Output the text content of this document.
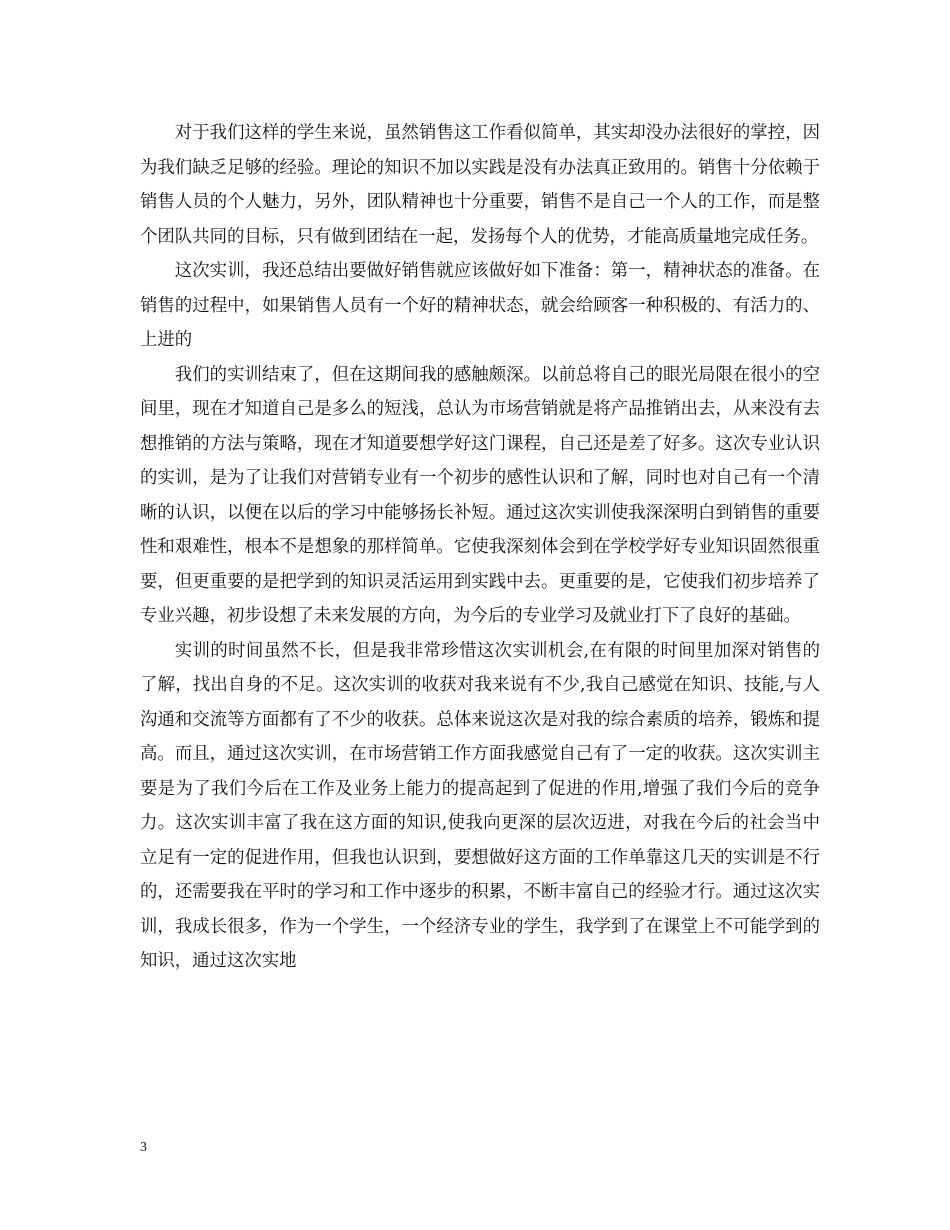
对于我们这样的学生来说，虽然销售这工作看似简单，其实却没办法很好的掌控，因为我们缺乏足够的经验。理论的知识不加以实践是没有办法真正致用的。销售十分依赖于销售人员的个人魅力，另外，团队精神也十分重要，销售不是自己一个人的工作，而是整个团队共同的目标，只有做到团结在一起，发扬每个人的优势，才能高质量地完成任务。

这次实训，我还总结出要做好销售就应该做好如下准备：第一，精神状态的准备。在销售的过程中，如果销售人员有一个好的精神状态，就会给顾客一种积极的、有活力的、上进的

我们的实训结束了，但在这期间我的感触颇深。以前总将自己的眼光局限在很小的空间里，现在才知道自己是多么的短浅，总认为市场营销就是将产品推销出去，从来没有去想推销的方法与策略，现在才知道要想学好这门课程，自己还是差了好多。这次专业认识的实训，是为了让我们对营销专业有一个初步的感性认识和了解，同时也对自己有一个清晰的认识，以便在以后的学习中能够扬长补短。通过这次实训使我深深明白到销售的重要性和艰难性，根本不是想象的那样简单。它使我深刻体会到在学校学好专业知识固然很重要，但更重要的是把学到的知识灵活运用到实践中去。更重要的是，它使我们初步培养了专业兴趣，初步设想了未来发展的方向，为今后的专业学习及就业打下了良好的基础。

实训的时间虽然不长，但是我非常珍惜这次实训机会,在有限的时间里加深对销售的了解，找出自身的不足。这次实训的收获对我来说有不少,我自己感觉在知识、技能,与人沟通和交流等方面都有了不少的收获。总体来说这次是对我的综合素质的培养，锻炼和提高。而且，通过这次实训，在市场营销工作方面我感觉自己有了一定的收获。这次实训主要是为了我们今后在工作及业务上能力的提高起到了促进的作用,增强了我们今后的竞争力。这次实训丰富了我在这方面的知识,使我向更深的层次迈进，对我在今后的社会当中立足有一定的促进作用，但我也认识到，要想做好这方面的工作单靠这几天的实训是不行的，还需要我在平时的学习和工作中逐步的积累，不断丰富自己的经验才行。通过这次实训，我成长很多，作为一个学生，一个经济专业的学生，我学到了在课堂上不可能学到的知识，通过这次实地

3
